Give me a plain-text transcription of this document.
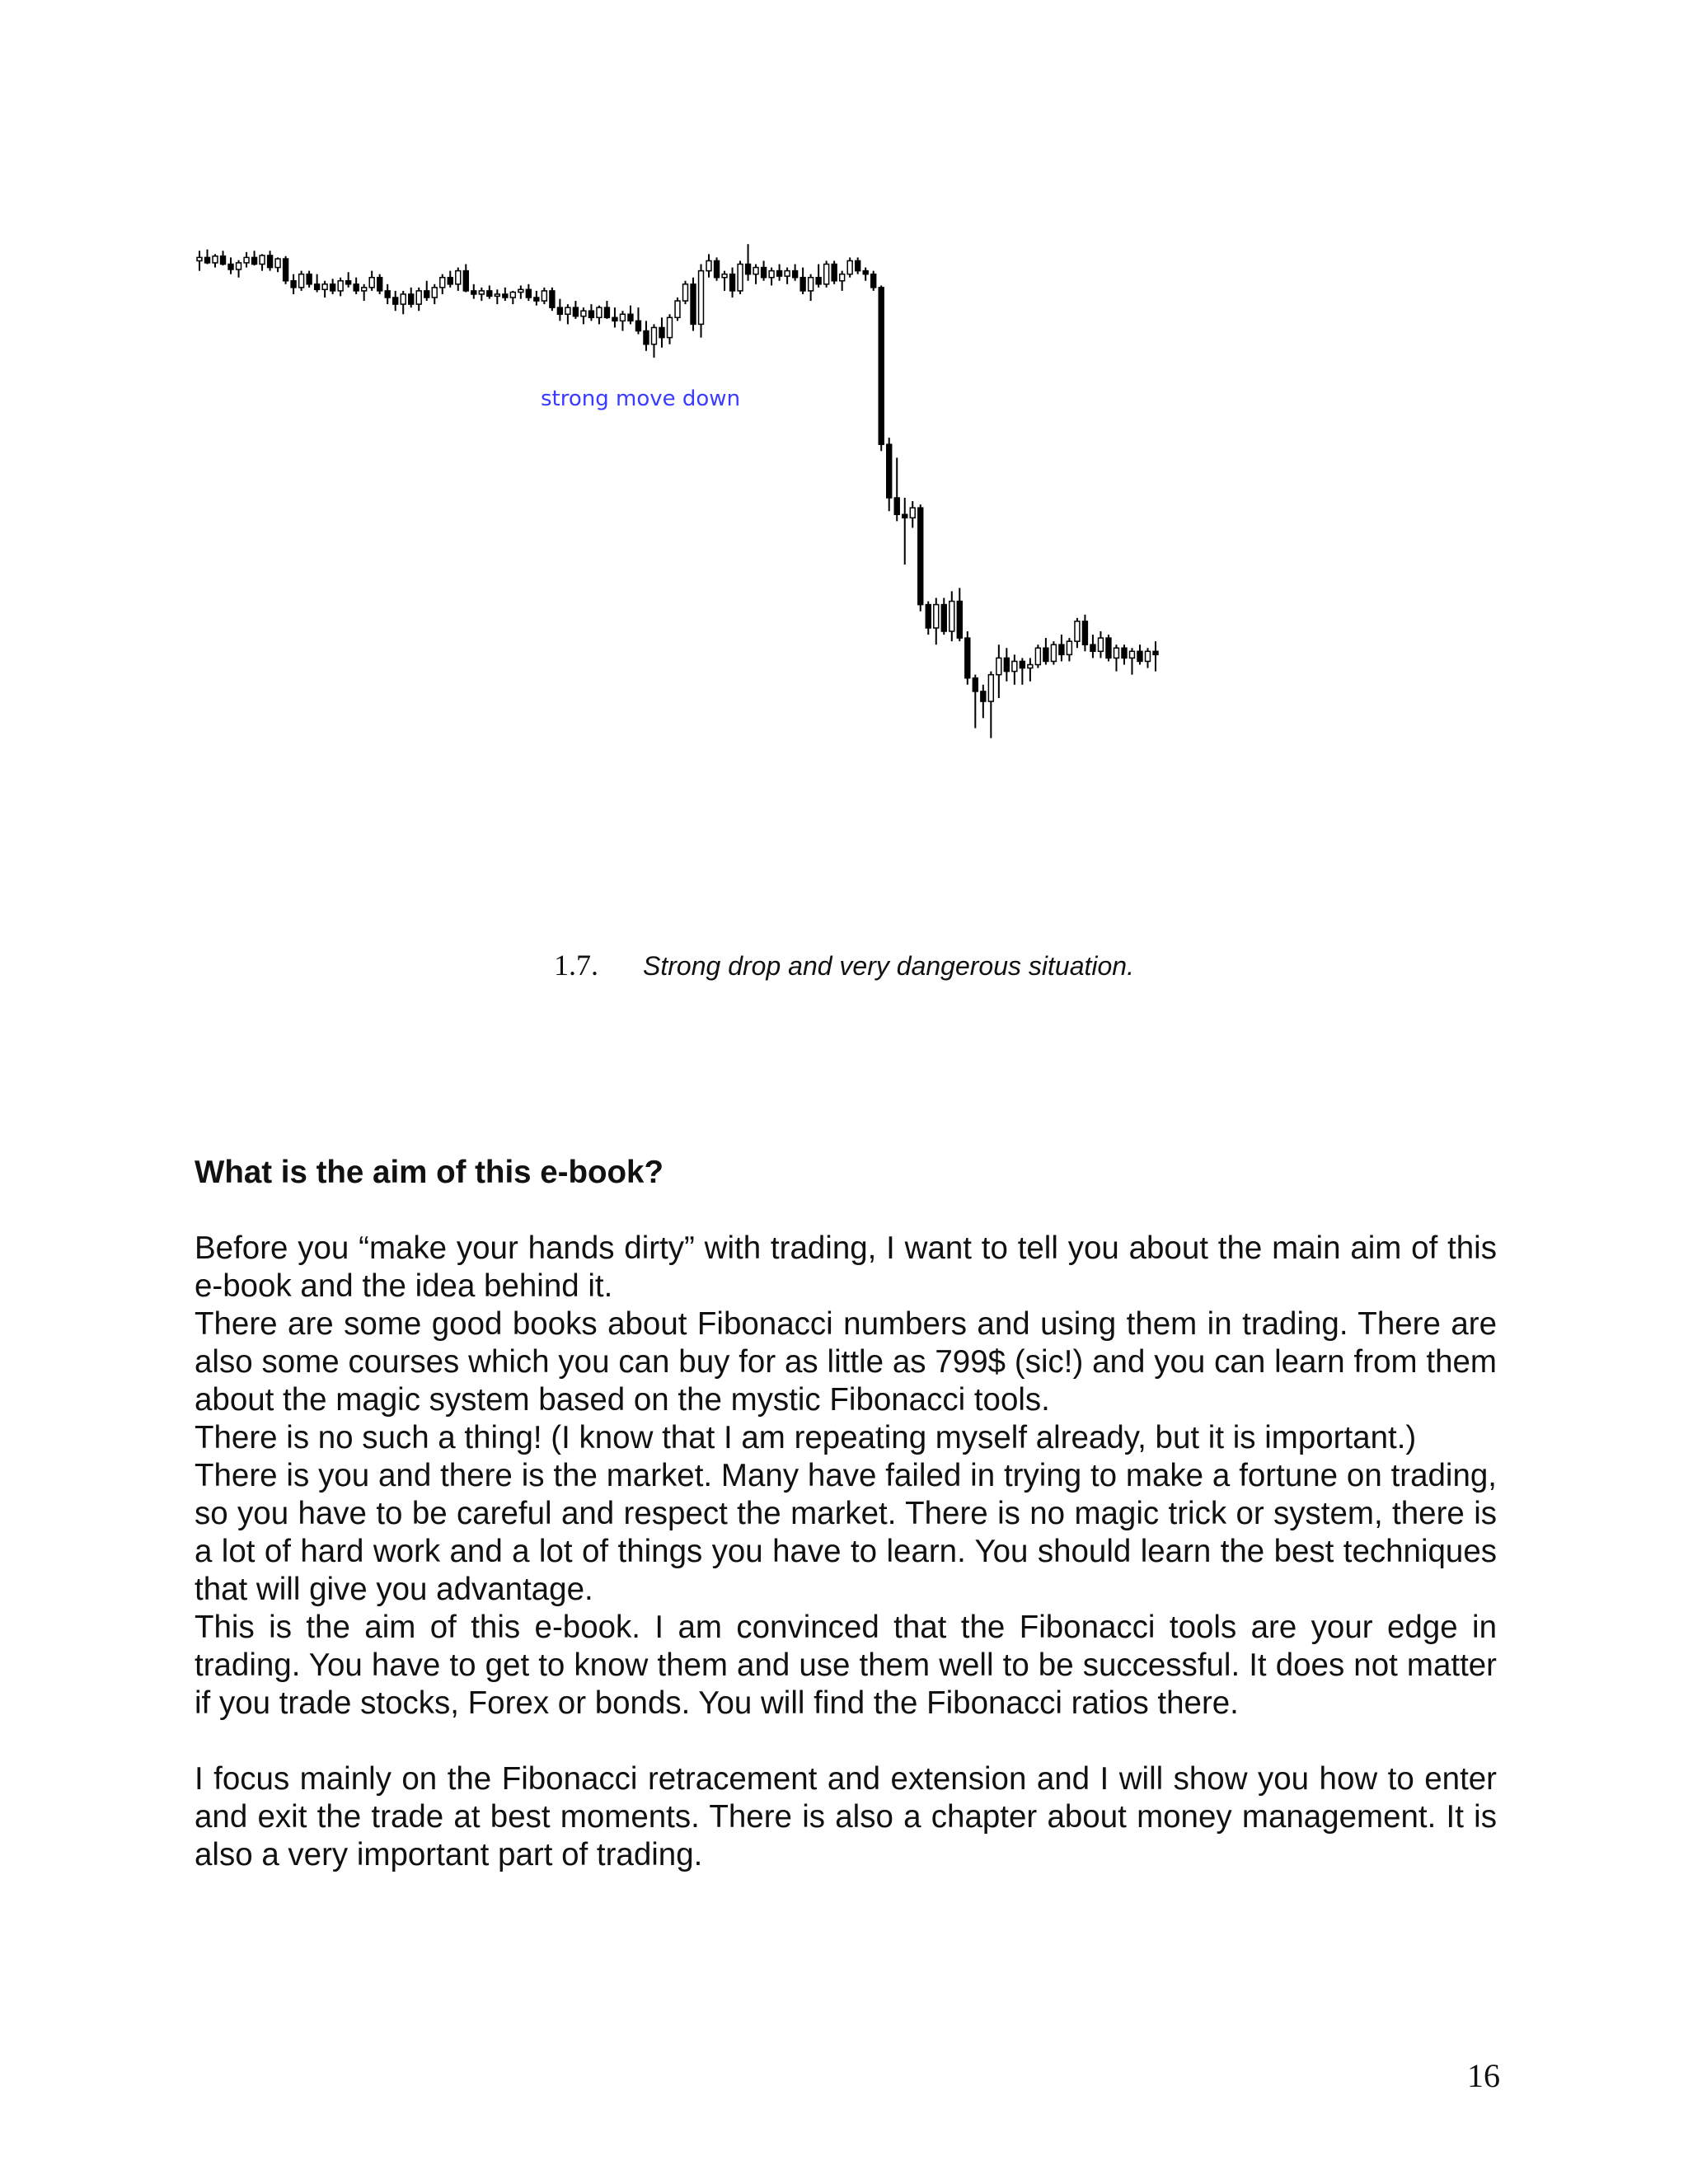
strong move down
1.7. Strong drop and very dangerous situation.
What is the aim of this e-book?

Before you “make your hands dirty” with trading, I want to tell you about the main aim of this e-book and the idea behind it.

There are some good books about Fibonacci numbers and using them in trading. There are also some courses which you can buy for as little as 799$ (sic!) and you can learn from them about the magic system based on the mystic Fibonacci tools.

There is no such a thing! (I know that I am repeating myself already, but it is important.)

There is you and there is the market. Many have failed in trying to make a fortune on trading, so you have to be careful and respect the market. There is no magic trick or system, there is a lot of hard work and a lot of things you have to learn. You should learn the best techniques that will give you advantage.

This is the aim of this e-book. I am convinced that the Fibonacci tools are your edge in trading. You have to get to know them and use them well to be successful. It does not matter if you trade stocks, Forex or bonds. You will find the Fibonacci ratios there.

I focus mainly on the Fibonacci retracement and extension and I will show you how to enter and exit the trade at best moments. There is also a chapter about money management. It is also a very important part of trading.

16
